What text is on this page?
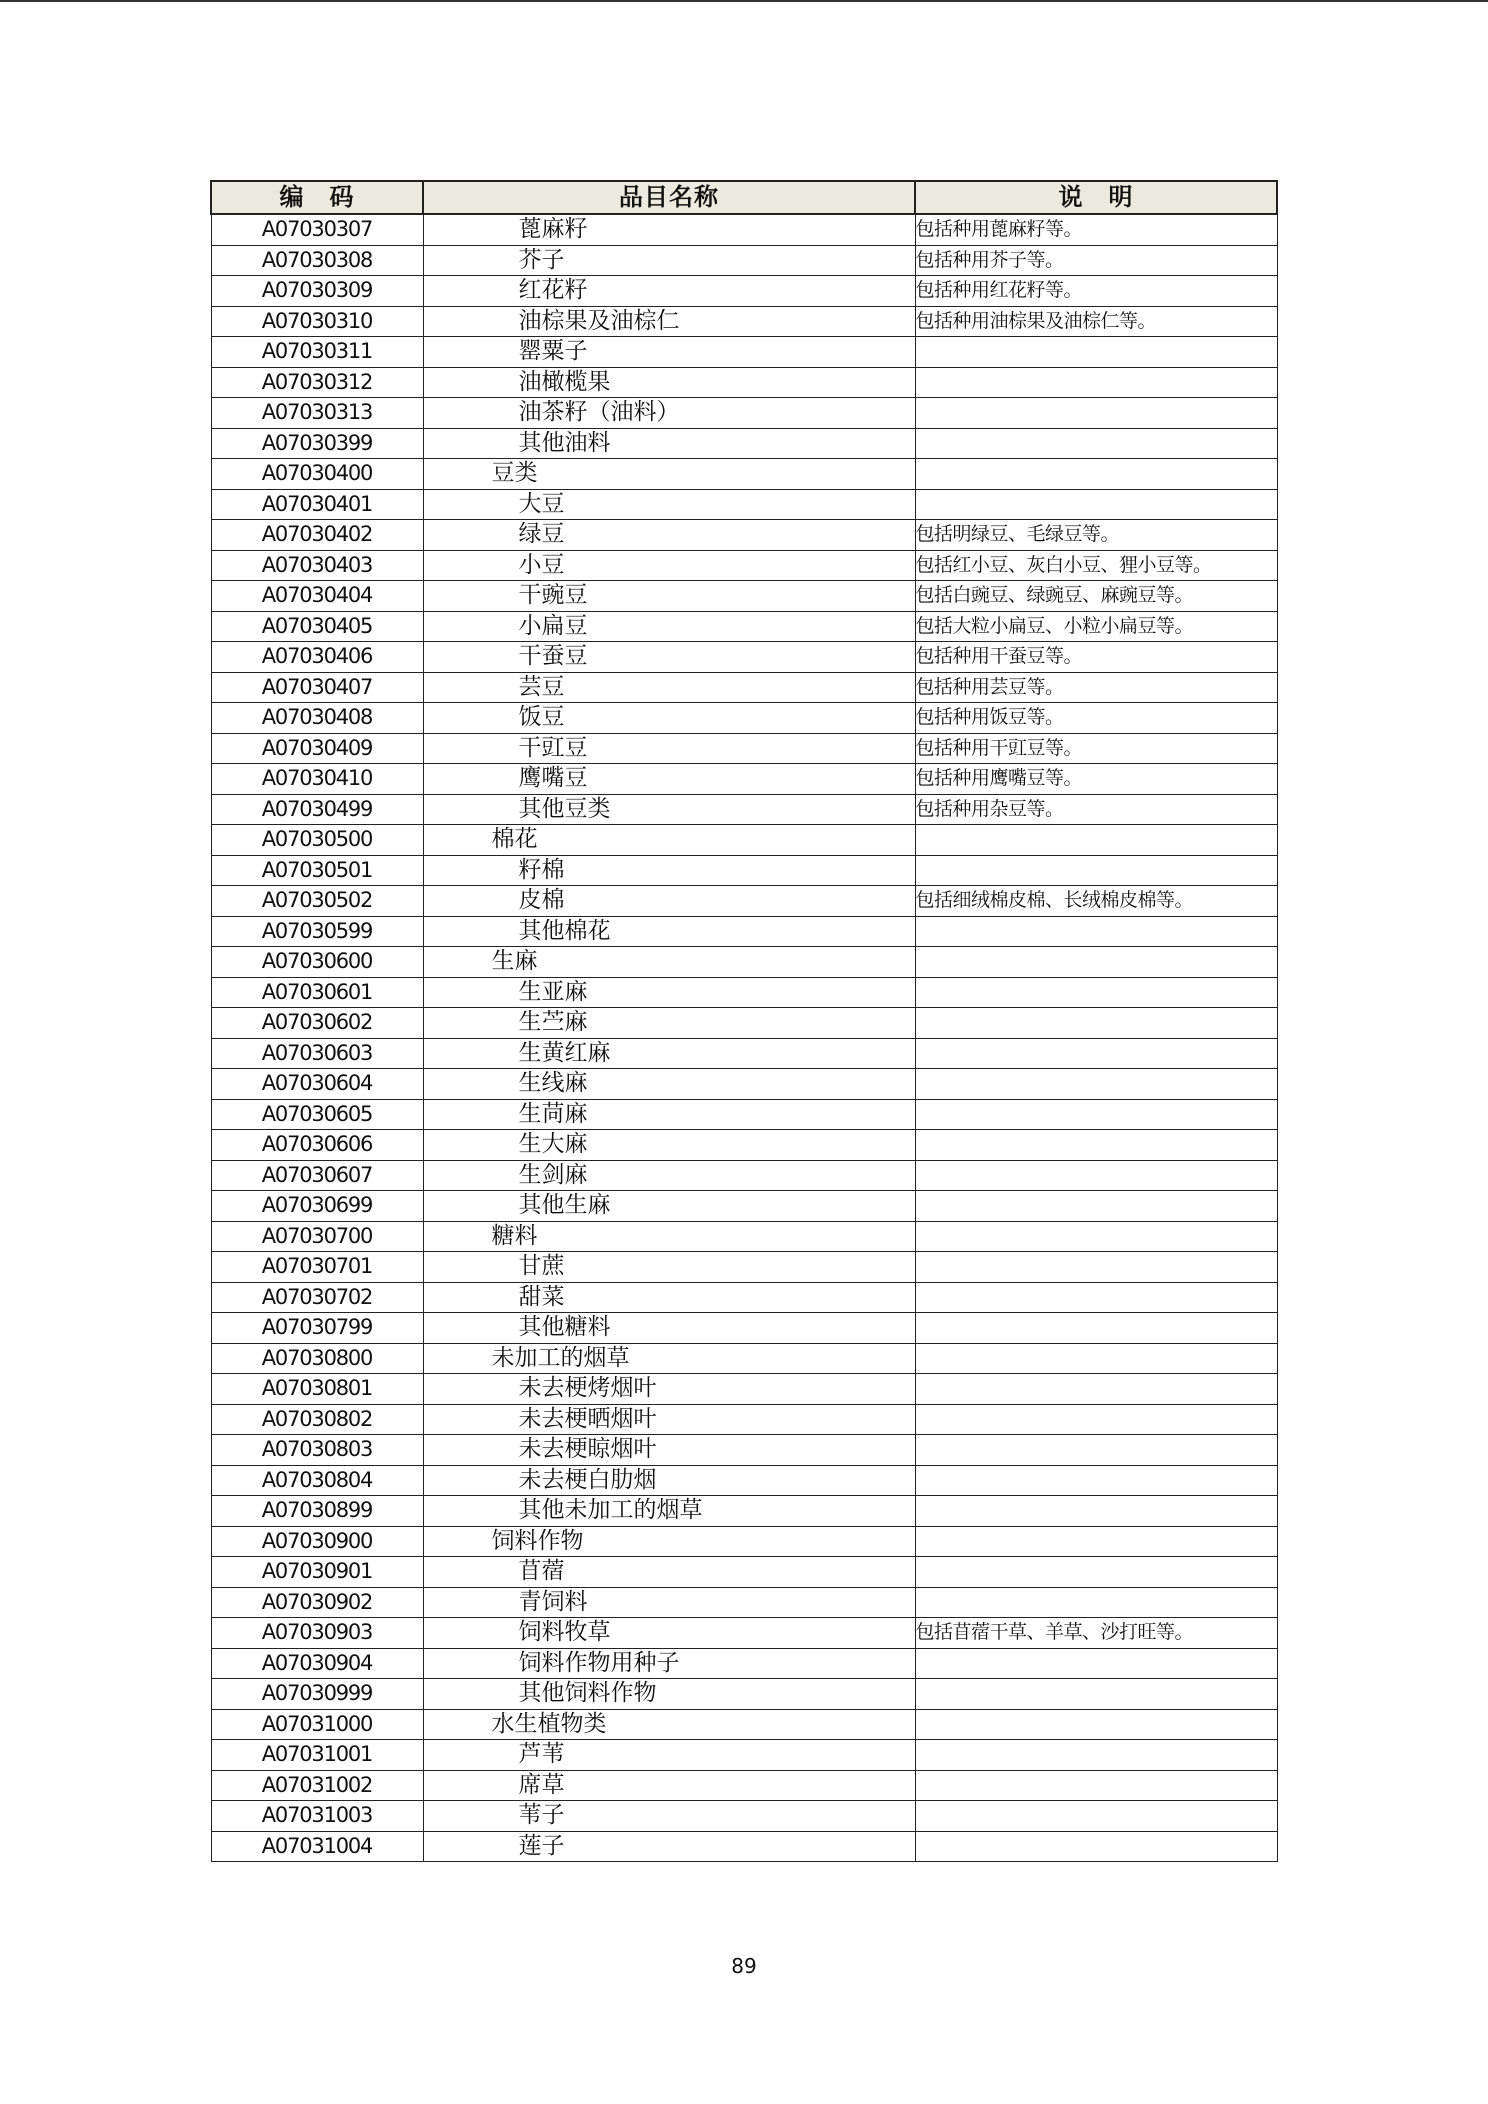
编　码	品目名称	说　明
A07030307	蓖麻籽	包括种用蓖麻籽等。
A07030308	芥子	包括种用芥子等。
A07030309	红花籽	包括种用红花籽等。
A07030310	油棕果及油棕仁	包括种用油棕果及油棕仁等。
A07030311	罂粟子	
A07030312	油橄榄果	
A07030313	油茶籽（油料）	
A07030399	其他油料	
A07030400	豆类	
A07030401	大豆	
A07030402	绿豆	包括明绿豆、毛绿豆等。
A07030403	小豆	包括红小豆、灰白小豆、狸小豆等。
A07030404	干豌豆	包括白豌豆、绿豌豆、麻豌豆等。
A07030405	小扁豆	包括大粒小扁豆、小粒小扁豆等。
A07030406	干蚕豆	包括种用干蚕豆等。
A07030407	芸豆	包括种用芸豆等。
A07030408	饭豆	包括种用饭豆等。
A07030409	干豇豆	包括种用干豇豆等。
A07030410	鹰嘴豆	包括种用鹰嘴豆等。
A07030499	其他豆类	包括种用杂豆等。
A07030500	棉花	
A07030501	籽棉	
A07030502	皮棉	包括细绒棉皮棉、长绒棉皮棉等。
A07030599	其他棉花	
A07030600	生麻	
A07030601	生亚麻	
A07030602	生苎麻	
A07030603	生黄红麻	
A07030604	生线麻	
A07030605	生苘麻	
A07030606	生大麻	
A07030607	生剑麻	
A07030699	其他生麻	
A07030700	糖料	
A07030701	甘蔗	
A07030702	甜菜	
A07030799	其他糖料	
A07030800	未加工的烟草	
A07030801	未去梗烤烟叶	
A07030802	未去梗晒烟叶	
A07030803	未去梗晾烟叶	
A07030804	未去梗白肋烟	
A07030899	其他未加工的烟草	
A07030900	饲料作物	
A07030901	苜蓿	
A07030902	青饲料	
A07030903	饲料牧草	包括苜蓿干草、羊草、沙打旺等。
A07030904	饲料作物用种子	
A07030999	其他饲料作物	
A07031000	水生植物类	
A07031001	芦苇	
A07031002	席草	
A07031003	苇子	
A07031004	莲子	
89
